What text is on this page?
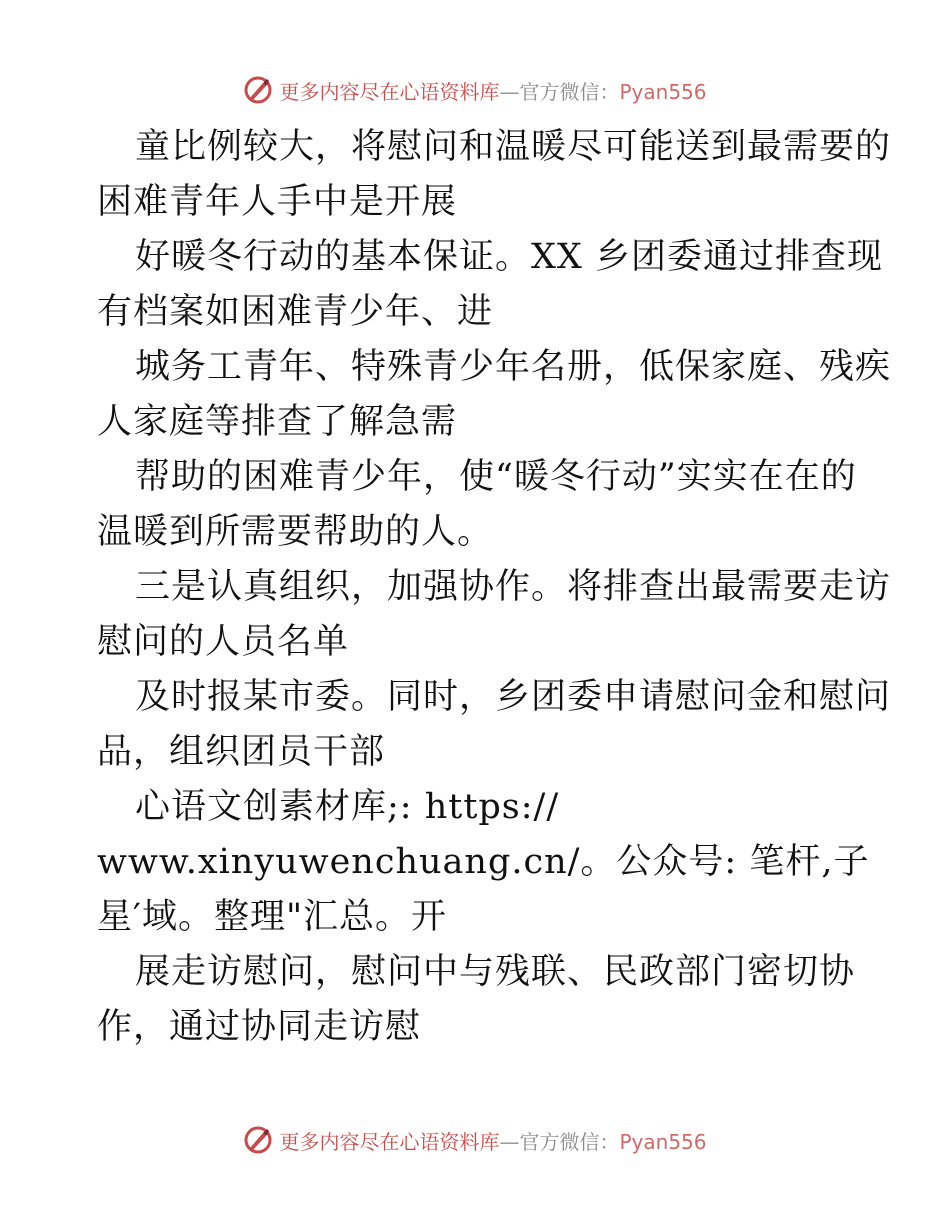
更多内容尽在心语资料库—官方微信：Pyan556
童比例较大，将慰问和温暖尽可能送到最需要的
困难青年人手中是开展
好暖冬行动的基本保证。XX 乡团委通过排查现
有档案如困难青少年、进
城务工青年、特殊青少年名册，低保家庭、残疾
人家庭等排查了解急需
帮助的困难青少年，使“暖冬行动”实实在在的
温暖到所需要帮助的人。
三是认真组织，加强协作。将排查出最需要走访
慰问的人员名单
及时报某市委。同时，乡团委申请慰问金和慰问
品，组织团员干部
心语文创素材库;: https://
www.xinyuwenchuang.cn/。公众号: 笔杆,子
星′域。整理"汇总。开
展走访慰问，慰问中与残联、民政部门密切协
作，通过协同走访慰
更多内容尽在心语资料库—官方微信：Pyan556
